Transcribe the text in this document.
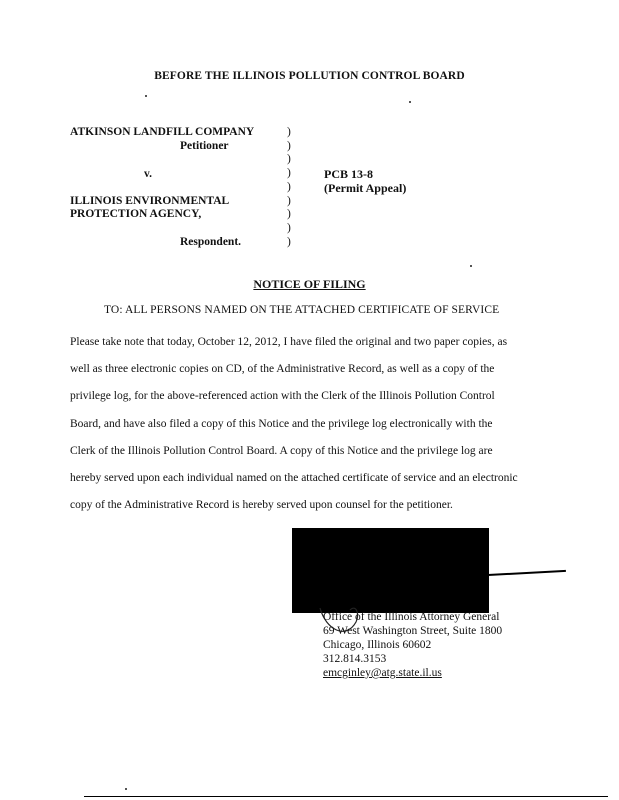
BEFORE THE ILLINOIS POLLUTION CONTROL BOARD
ATKINSON LANDFILL COMPANY
Petitioner
v.
ILLINOIS ENVIRONMENTAL
PROTECTION AGENCY,
Respondent.
)
)
)
)
)
)
)
)
)
PCB 13-8
(Permit Appeal)
NOTICE OF FILING
TO: ALL PERSONS NAMED ON THE ATTACHED CERTIFICATE OF SERVICE
Please take note that today, October 12, 2012, I have filed the original and two paper copies, as
well as three electronic copies on CD, of the Administrative Record, as well as a copy of the
privilege log, for the above-referenced action with the Clerk of the Illinois Pollution Control
Board, and have also filed a copy of this Notice and the privilege log electronically with the
Clerk of the Illinois Pollution Control Board. A copy of this Notice and the privilege log are
hereby served upon each individual named on the attached certificate of service and an electronic
copy of the Administrative Record is hereby served upon counsel for the petitioner.
Office of the Illinois Attorney General
69 West Washington Street, Suite 1800
Chicago, Illinois 60602
312.814.3153
emcginley@atg.state.il.us
